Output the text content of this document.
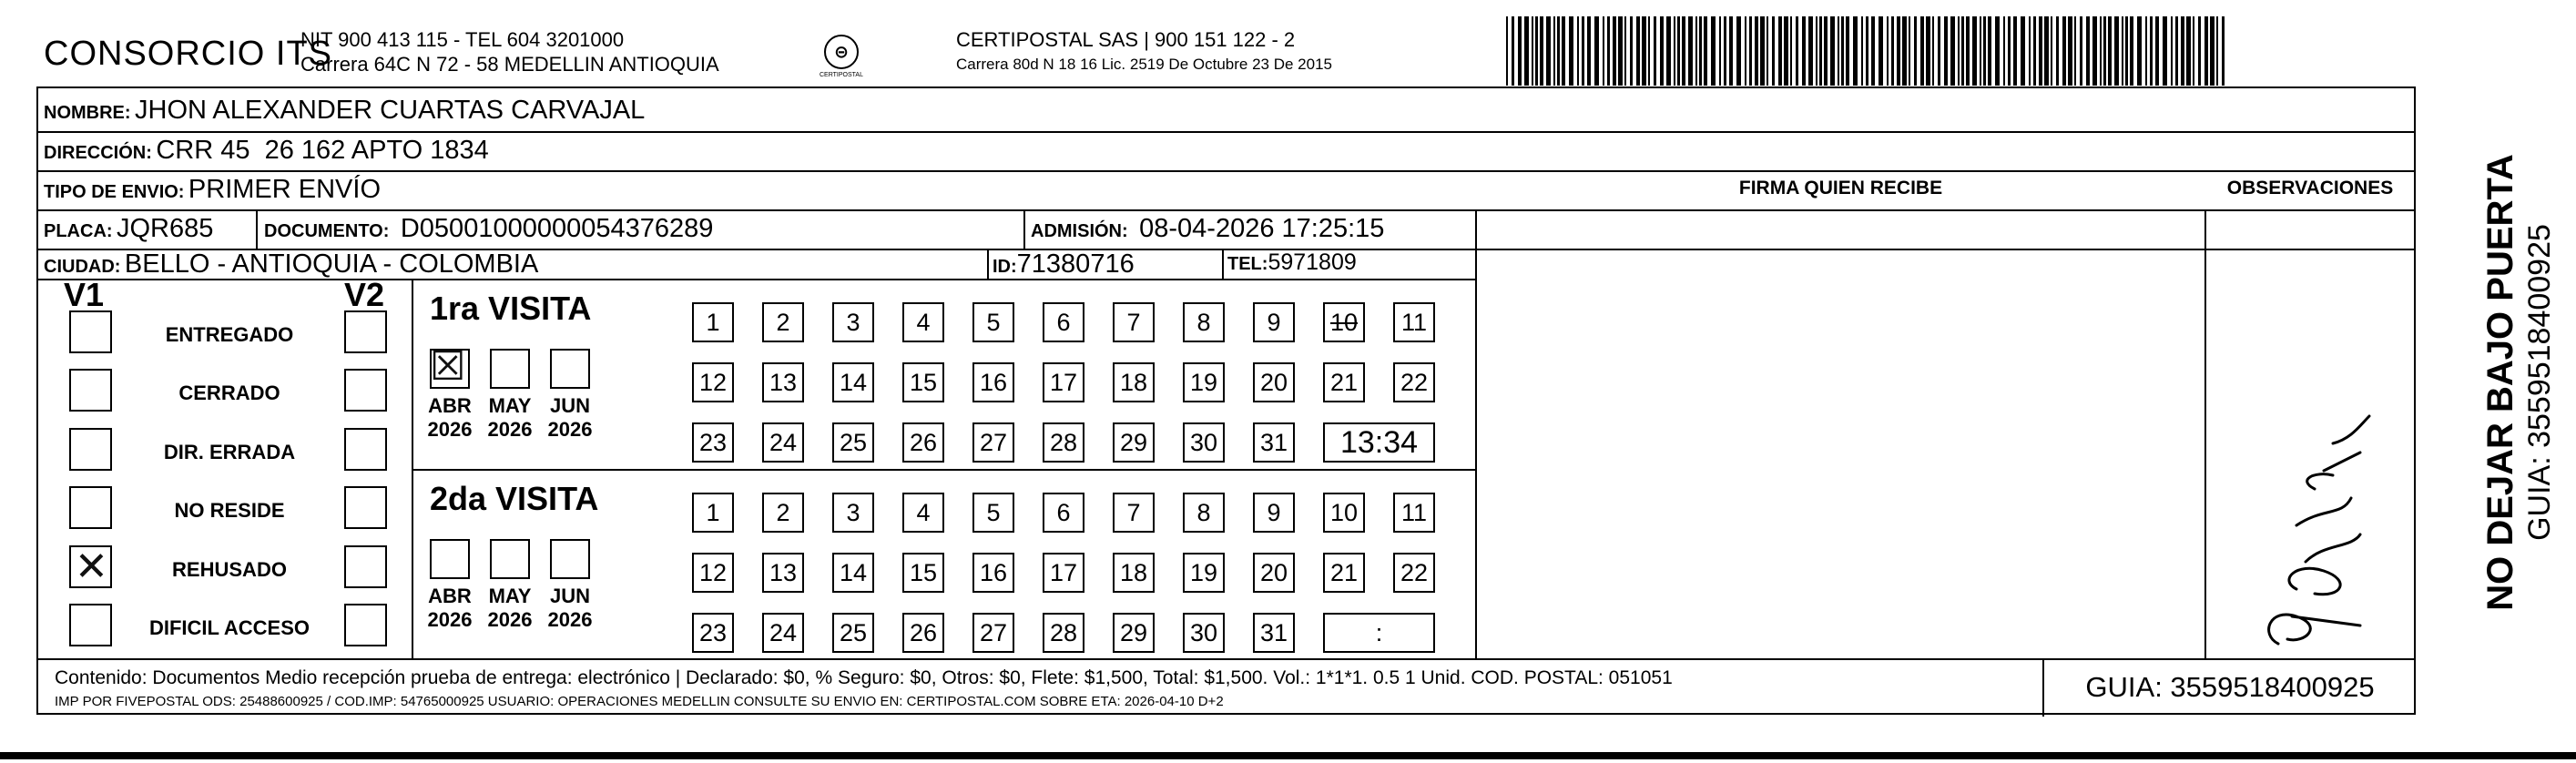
CONSORCIO ITS
NIT 900 413 115 - TEL 604 3201000
Carrera 64C N 72 - 58 MEDELLIN ANTIOQUIA
⊝
CERTIPOSTAL
CERTIPOSTAL SAS | 900 151 122 - 2
Carrera 80d N 18 16 Lic. 2519 De Octubre 23 De 2015
NOMBRE: JHON ALEXANDER CUARTAS CARVAJAL
DIRECCIÓN: CRR 45  26 162 APTO 1834
TIPO DE ENVIO: PRIMER ENVÍO	FIRMA QUIEN RECIBE	OBSERVACIONES
PLACA: JQR685	DOCUMENTO: D05001000000054376289	ADMISIÓN: 08-04-2026 17:25:15
CIUDAD: BELLO - ANTIOQUIA - COLOMBIA	ID:71380716	TEL:5971809
V1	V2
ENTREGADO
CERRADO
DIR. ERRADA
NO RESIDE
✕	REHUSADO
DIFICIL ACCESO
1ra VISITA
☒
ABR
2026
MAY
2026
JUN
2026
1	2	3	4	5	6	7	8	9	10	11
12 13 14 15 16 17 18 19 20 21 22
23 24 25 26 27 28 29 30 31	13:34
2da VISITA
ABR
2026
MAY
2026
JUN
2026
1	2	3	4	5	6	7	8	9	10	11
12 13 14 15 16 17 18 19 20 21 22
23 24 25 26 27 28 29 30 31	:
GUIA: 3559518400925
Contenido: Documentos Medio recepción prueba de entrega: electrónico | Declarado: $0, % Seguro: $0, Otros: $0, Flete: $1,500, Total: $1,500. Vol.: 1*1*1. 0.5 1 Unid. COD. POSTAL: 051051
IMP POR FIVEPOSTAL ODS: 25488600925 / COD.IMP: 54765000925 USUARIO: OPERACIONES MEDELLIN CONSULTE SU ENVIO EN: CERTIPOSTAL.COM SOBRE ETA: 2026-04-10 D+2
NO DEJAR BAJO PUERTA GUIA: 3559518400925
